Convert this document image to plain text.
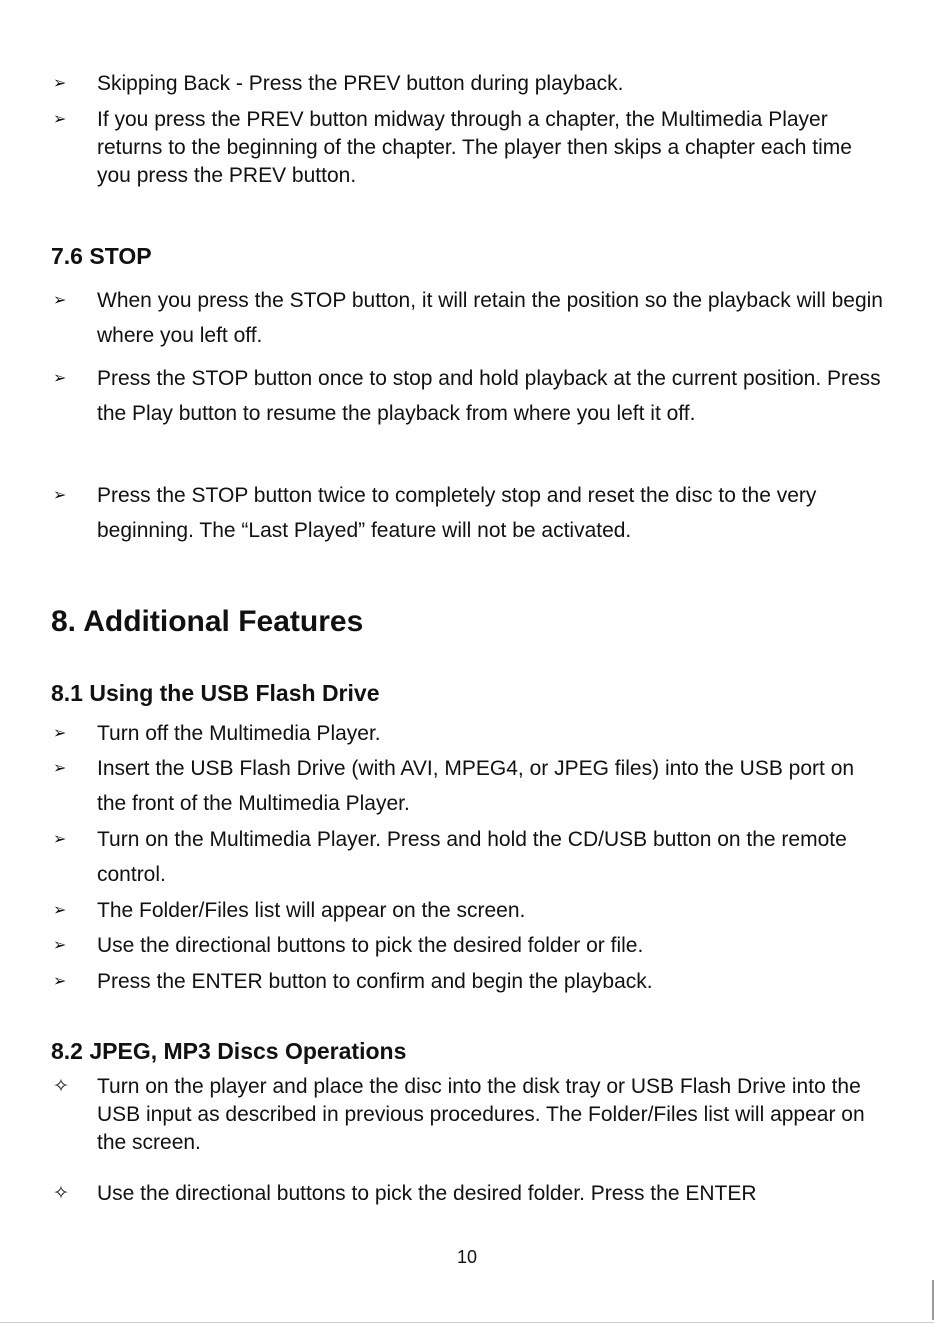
➢	Skipping Back - Press the PREV button during playback.
➢	If you press the PREV button midway through a chapter, the Multimedia Player returns to the beginning of the chapter. The player then skips a chapter each time you press the PREV button.
7.6 STOP
➢	When you press the STOP button, it will retain the position so the playback will begin where you left off.
➢	Press the STOP button once to stop and hold playback at the current position. Press the Play button to resume the playback from where you left it off.
➢	Press the STOP button twice to completely stop and reset the disc to the very beginning. The “Last Played” feature will not be activated.
8. Additional Features
8.1 Using the USB Flash Drive
➢	Turn off the Multimedia Player.
➢	Insert the USB Flash Drive (with AVI, MPEG4, or JPEG files) into the USB port on the front of the Multimedia Player.
➢	Turn on the Multimedia Player. Press and hold the CD/USB button on the remote control.
➢	The Folder/Files list will appear on the screen.
➢	Use the directional buttons to pick the desired folder or file.
➢	Press the ENTER button to confirm and begin the playback.
8.2 JPEG, MP3 Discs Operations
✧ Turn on the player and place the disc into the disk tray or USB Flash Drive into the USB input as described in previous procedures. The Folder/Files list will appear on the screen.
✧ Use the directional buttons to pick the desired folder. Press the ENTER
10
